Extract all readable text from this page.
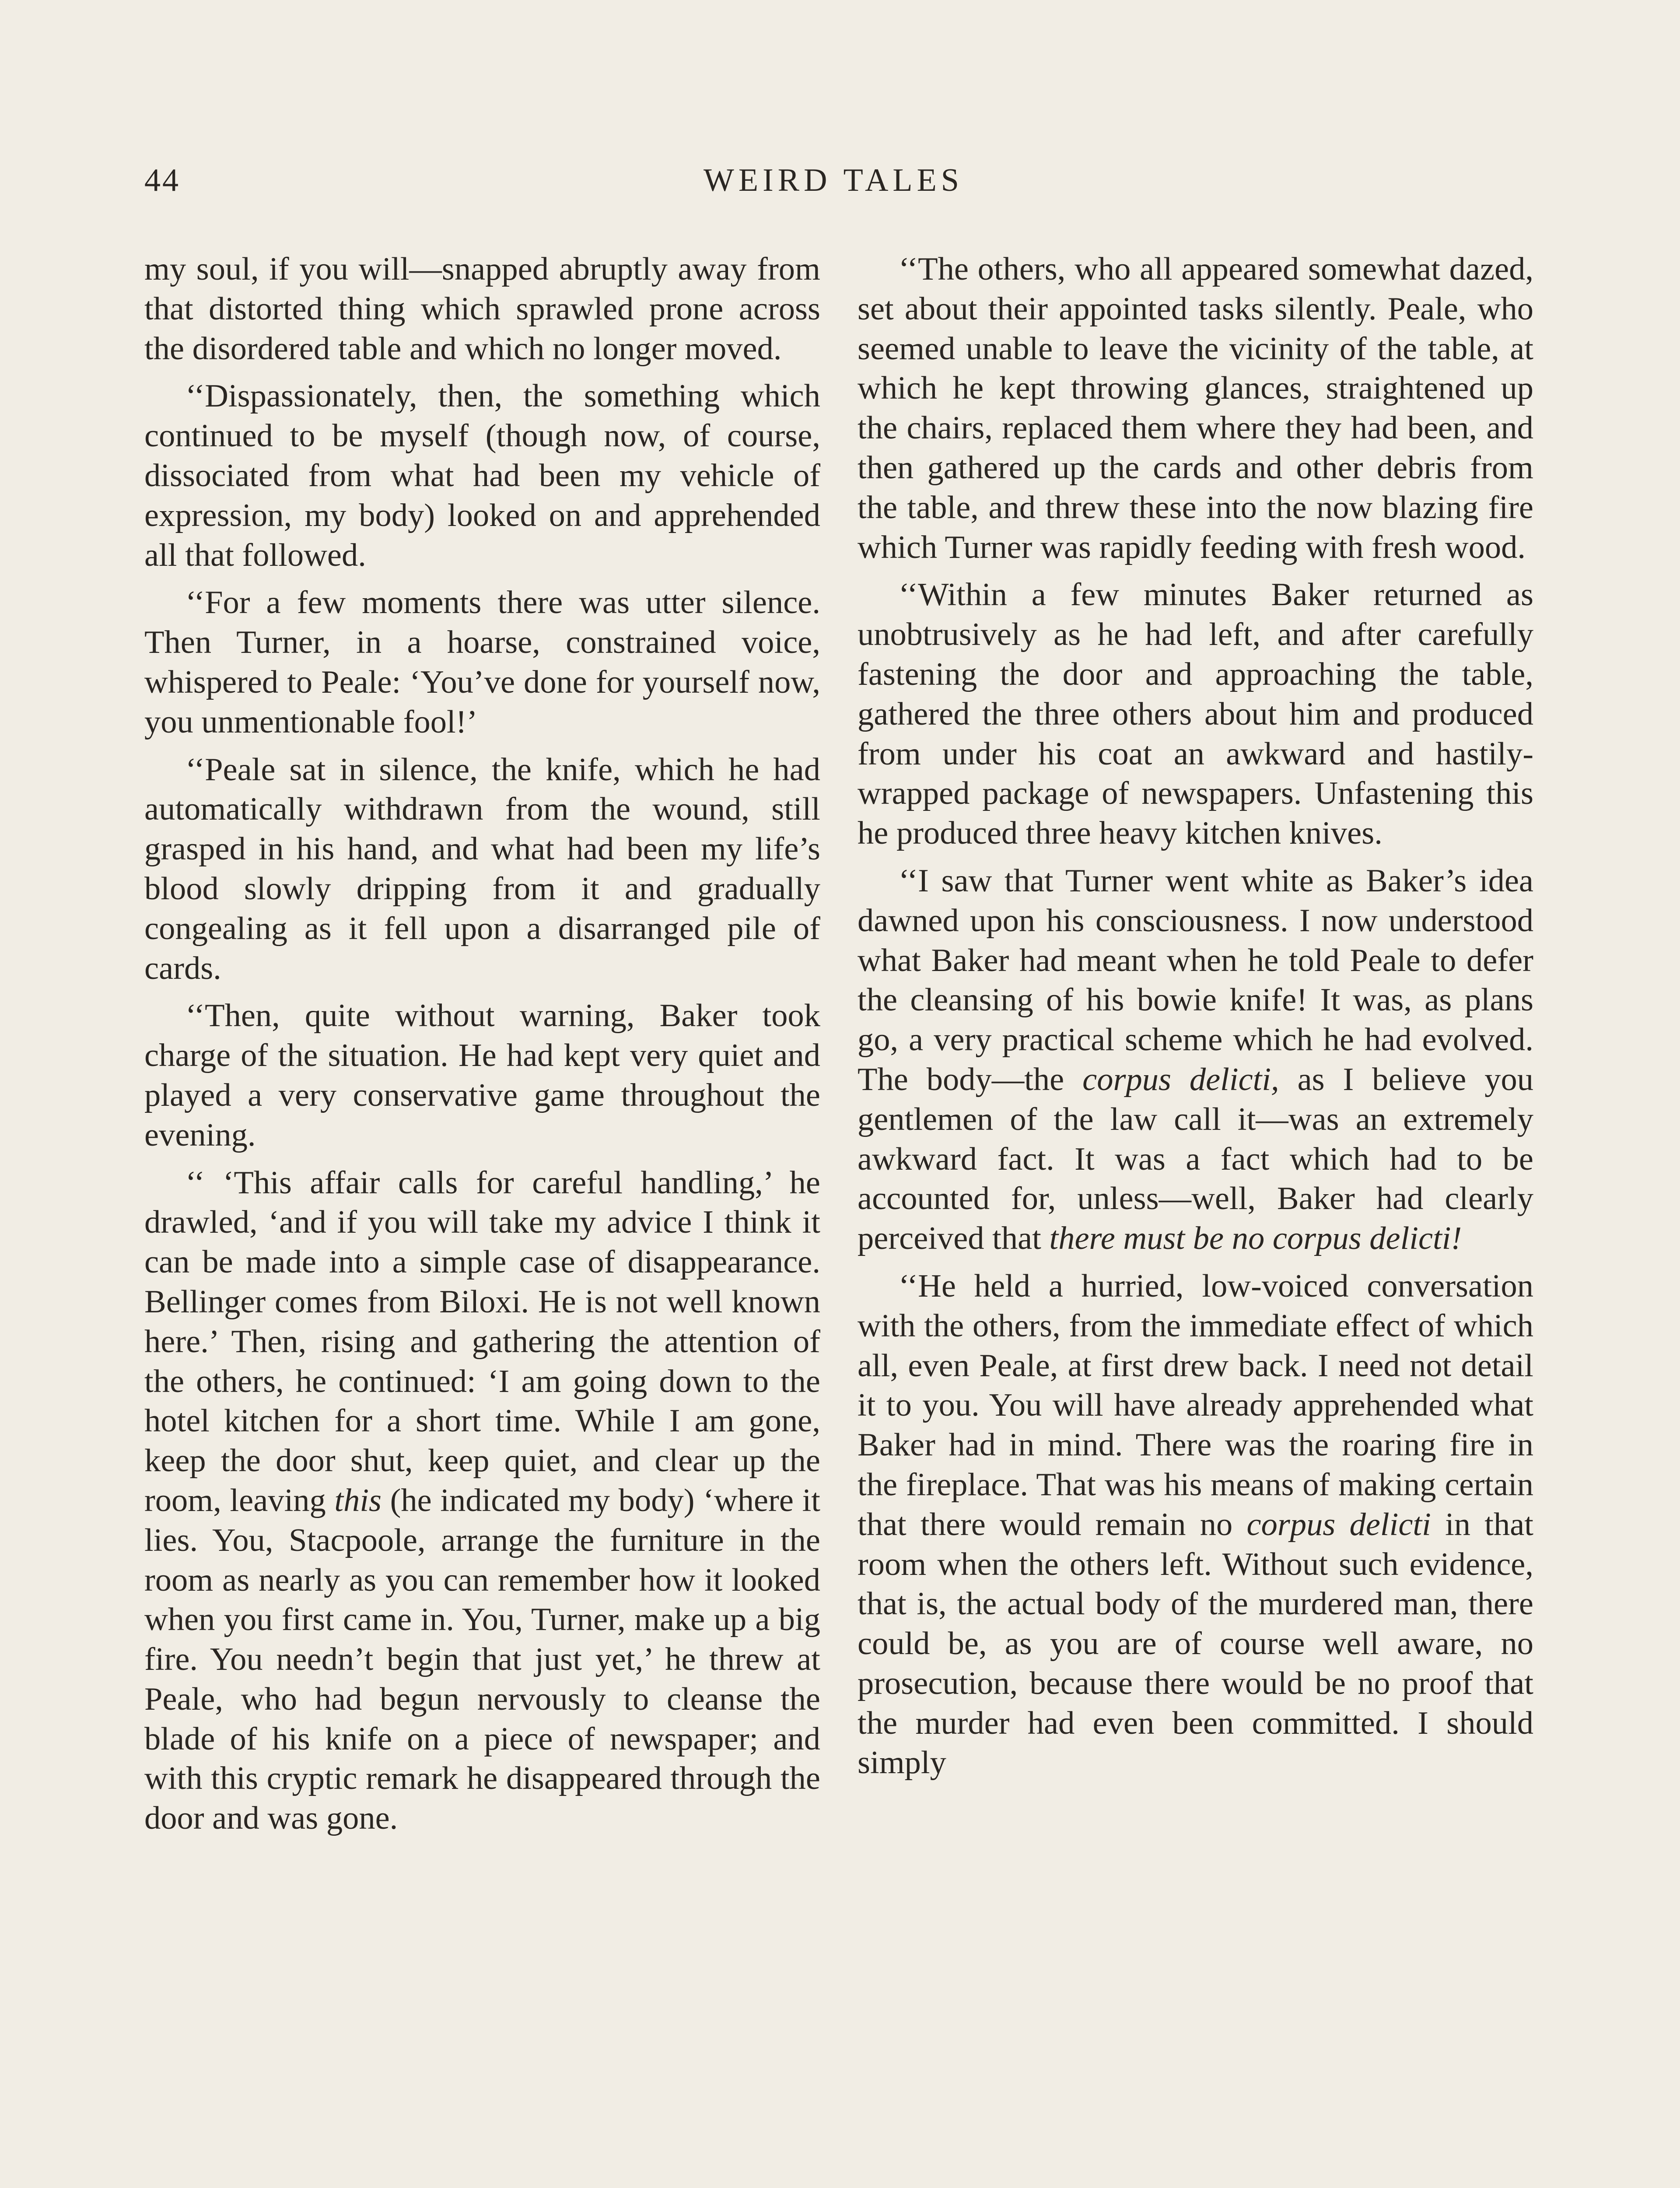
44	WEIRD TALES

my soul, if you will—snapped abruptly away from that distorted thing which sprawled prone across the disordered table and which no longer moved.

‘‘Dispassionately, then, the something which continued to be myself (though now, of course, dissociated from what had been my vehicle of expression, my body) looked on and apprehended all that followed.

‘‘For a few moments there was utter silence. Then Turner, in a hoarse, constrained voice, whispered to Peale: ‘You’ve done for yourself now, you unmentionable fool!’

‘‘Peale sat in silence, the knife, which he had automatically withdrawn from the wound, still grasped in his hand, and what had been my life’s blood slowly dripping from it and gradually congealing as it fell upon a disarranged pile of cards.

‘‘Then, quite without warning, Baker took charge of the situation. He had kept very quiet and played a very conservative game throughout the evening.

‘‘ ‘This affair calls for careful handling,’ he drawled, ‘and if you will take my advice I think it can be made into a simple case of disappearance. Bellinger comes from Biloxi. He is not well known here.’ Then, rising and gathering the attention of the others, he continued: ‘I am going down to the hotel kitchen for a short time. While I am gone, keep the door shut, keep quiet, and clear up the room, leaving this (he indicated my body) ‘where it lies. You, Stacpoole, arrange the furniture in the room as nearly as you can remember how it looked when you first came in. You, Turner, make up a big fire. You needn’t begin that just yet,’ he threw at Peale, who had begun nervously to cleanse the blade of his knife on a piece of newspaper; and with this cryptic remark he disappeared through the door and was gone.

‘‘The others, who all appeared somewhat dazed, set about their appointed tasks silently. Peale, who seemed unable to leave the vicinity of the table, at which he kept throwing glances, straightened up the chairs, replaced them where they had been, and then gathered up the cards and other debris from the table, and threw these into the now blazing fire which Turner was rapidly feeding with fresh wood.

‘‘Within a few minutes Baker returned as unobtrusively as he had left, and after carefully fastening the door and approaching the table, gathered the three others about him and produced from under his coat an awkward and hastily-wrapped package of newspapers. Unfastening this he produced three heavy kitchen knives.

‘‘I saw that Turner went white as Baker’s idea dawned upon his consciousness. I now understood what Baker had meant when he told Peale to defer the cleansing of his bowie knife! It was, as plans go, a very practical scheme which he had evolved. The body—the corpus delicti, as I believe you gentlemen of the law call it—was an extremely awkward fact. It was a fact which had to be accounted for, unless—well, Baker had clearly perceived that there must be no corpus delicti!

‘‘He held a hurried, low-voiced conversation with the others, from the immediate effect of which all, even Peale, at first drew back. I need not detail it to you. You will have already apprehended what Baker had in mind. There was the roaring fire in the fireplace. That was his means of making certain that there would remain no corpus delicti in that room when the others left. Without such evidence, that is, the actual body of the murdered man, there could be, as you are of course well aware, no prosecution, because there would be no proof that the murder had even been committed. I should simply
